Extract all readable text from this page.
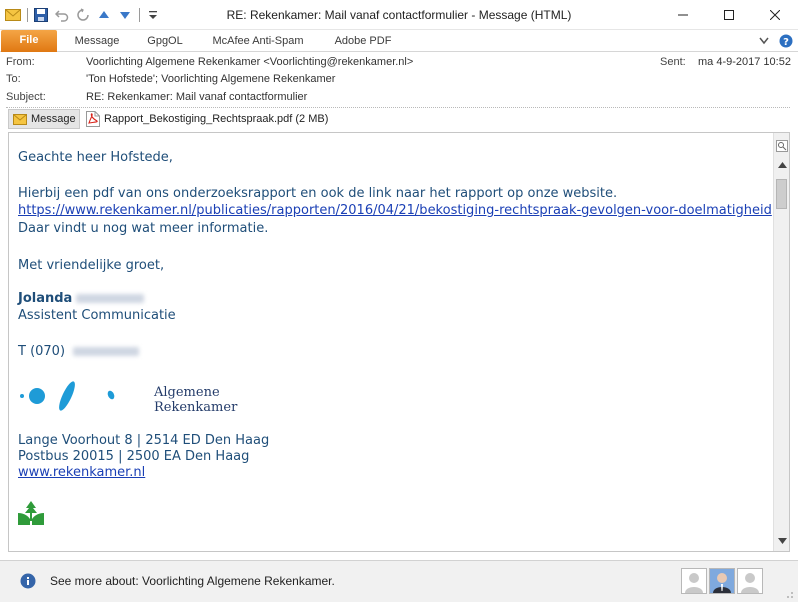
RE: Rekenkamer: Mail vanaf contactformulier - Message (HTML)
File	Message	GpgOL	McAfee Anti-Spam	Adobe PDF	?
From:	Voorlichting Algemene Rekenkamer <Voorlichting@rekenkamer.nl>	Sent: ma 4-9-2017 10:52
To:	'Ton Hofstede'; Voorlichting Algemene Rekenkamer
Subject:	RE: Rekenkamer: Mail vanaf contactformulier
Message	Rapport_Bekostiging_Rechtspraak.pdf (2 MB)
Geachte heer Hofstede,
Hierbij een pdf van ons onderzoeksrapport en ook de link naar het rapport op onze website.
https://www.rekenkamer.nl/publicaties/rapporten/2016/04/21/bekostiging-rechtspraak-gevolgen-voor-doelmatigheid
Daar vindt u nog wat meer informatie.
Met vriendelijke groet,
Jolanda
Assistent Communicatie
T (070)
Algemene Rekenkamer
Lange Voorhout 8 | 2514 ED Den Haag
Postbus 20015 | 2500 EA Den Haag
www.rekenkamer.nl
See more about: Voorlichting Algemene Rekenkamer.
